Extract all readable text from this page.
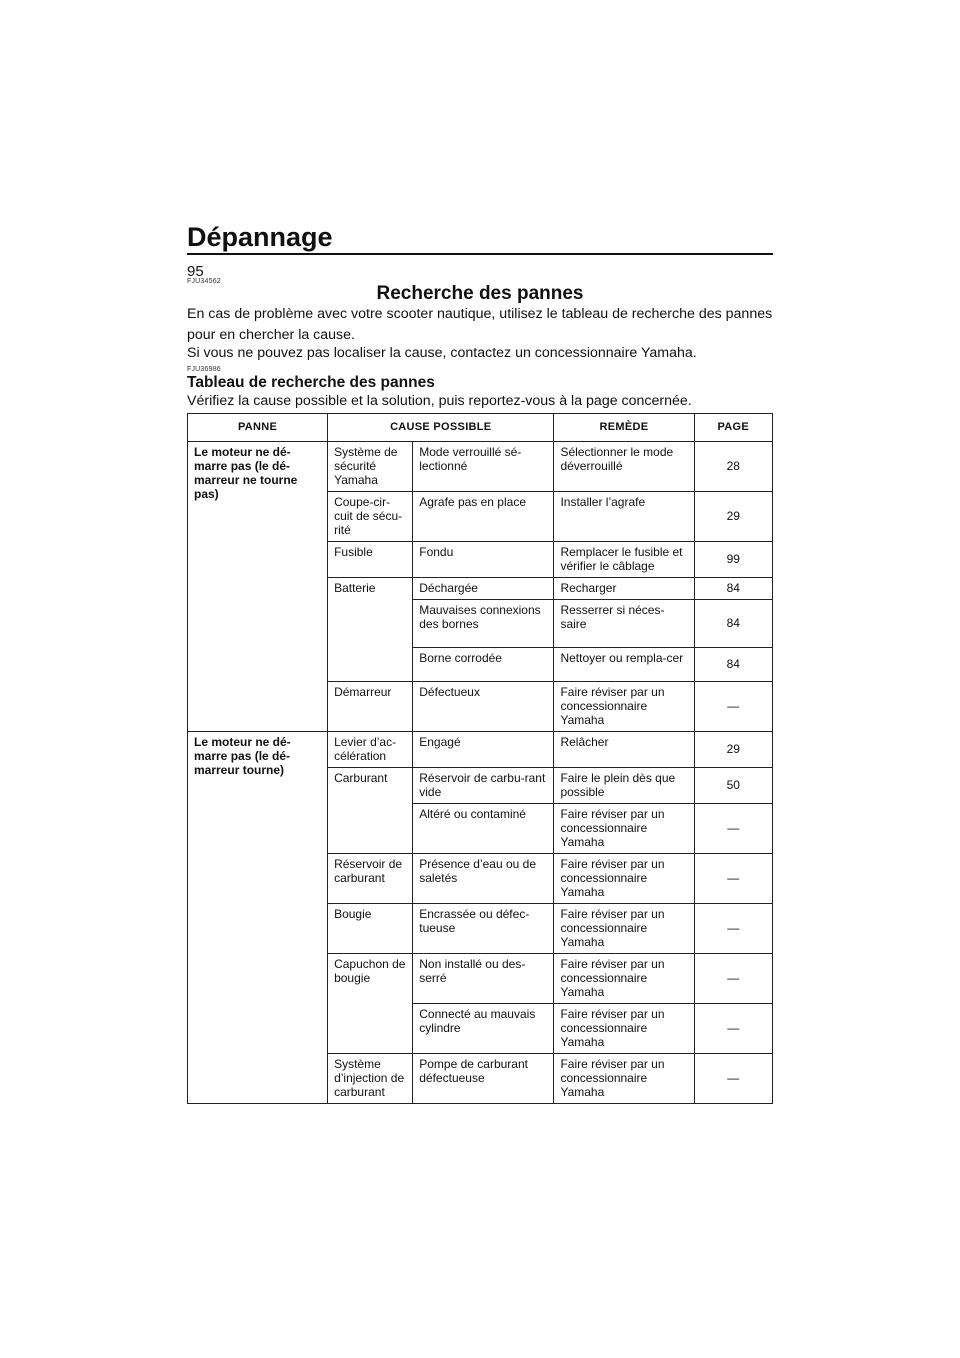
Dépannage
95
FJU34562
Recherche des pannes
En cas de problème avec votre scooter nautique, utilisez le tableau de recherche des pannes pour en chercher la cause.
Si vous ne pouvez pas localiser la cause, contactez un concessionnaire Yamaha.
FJU36986
Tableau de recherche des pannes
Vérifiez la cause possible et la solution, puis reportez-vous à la page concernée.
PANNE	CAUSE POSSIBLE		REMÈDE	PAGE
Le moteur ne dé-marre pas (le dé-marreur ne tourne pas)	Système de sécurité Yamaha	Mode verrouillé sé-lectionné	Sélectionner le mode déverrouillé	28
	Coupe-cir-cuit de sécu-rité	Agrafe pas en place	Installer l’agrafe	29
	Fusible	Fondu	Remplacer le fusible et vérifier le câblage	99
	Batterie	Déchargée	Recharger	84
		Mauvaises connexions des bornes	Resserrer si néces-saire	84
		Borne corrodée	Nettoyer ou rempla-cer	84
	Démarreur	Défectueux	Faire réviser par un concessionnaire Yamaha	—
Le moteur ne dé-marre pas (le dé-marreur tourne)	Levier d’ac-célération	Engagé	Relâcher	29
	Carburant	Réservoir de carbu-rant vide	Faire le plein dès que possible	50
		Altéré ou contaminé	Faire réviser par un concessionnaire Yamaha	—
	Réservoir de carburant	Présence d’eau ou de saletés	Faire réviser par un concessionnaire Yamaha	—
	Bougie	Encrassée ou défec-tueuse	Faire réviser par un concessionnaire Yamaha	—
	Capuchon de bougie	Non installé ou des-serré	Faire réviser par un concessionnaire Yamaha	—
		Connecté au mauvais cylindre	Faire réviser par un concessionnaire Yamaha	—
	Système d’injection de carburant	Pompe de carburant défectueuse	Faire réviser par un concessionnaire Yamaha	—
